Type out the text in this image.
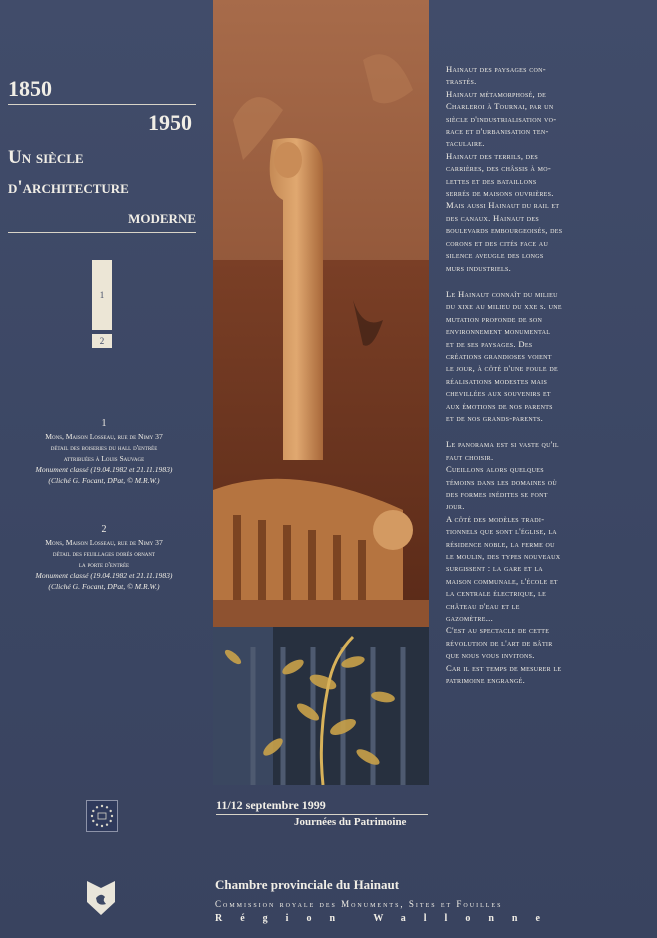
1850
1950
Un siècle
d'architecture
moderne
1
2
1
Mons, Maison Losseau, rue de Nimy 37
détail des boiseries du hall d'entrée
attribuées à Louis Sauvage
Monument classé (19.04.1982 et 21.11.1983)
(Cliché G. Focant, DPat, © M.R.W.)
2
Mons, Maison Losseau, rue de Nimy 37
détail des feuillages dorés ornant
la porte d'entrée
Monument classé (19.04.1982 et 21.11.1983)
(Cliché G. Focant, DPat, © M.R.W.)
11/12 septembre 1999
Journées du Patrimoine
Chambre provinciale du Hainaut
Commission royale des Monuments, Sites et Fouilles
Région Wallonne

Hainaut des paysages con-
trastés.
Hainaut métamorphosé, de
Charleroi à Tournai, par un
siècle d'industrialisation vo-
race et d'urbanisation ten-
taculaire.
Hainaut des terrils, des
carrières, des châssis à mo-
lettes et des bataillons
serrés de maisons ouvrières.
Mais aussi Hainaut du rail et
des canaux. Hainaut des
boulevards embourgeoisés, des
corons et des cités face au
silence aveugle des longs
murs industriels.

Le Hainaut connaît du milieu
du xixe au milieu du xxe s. une
mutation profonde de son
environnement monumental
et de ses paysages. Des
créations grandioses voient
le jour, à côté d'une foule de
réalisations modestes mais
chevillées aux souvenirs et
aux émotions de nos parents
et de nos grands-parents.

Le panorama est si vaste qu'il
faut choisir.
Cueillons alors quelques
témoins dans les domaines où
des formes inédites se font
jour.
A côté des modèles tradi-
tionnels que sont l'église, la
résidence noble, la ferme ou
le moulin, des types nouveaux
surgissent : la gare et la
maison communale, l'école et
la centrale électrique, le
château d'eau et le
gazomètre...
C'est au spectacle de cette
révolution de l'art de bâtir
que nous vous invitons.
Car il est temps de mesurer le
patrimoine engrangé.
